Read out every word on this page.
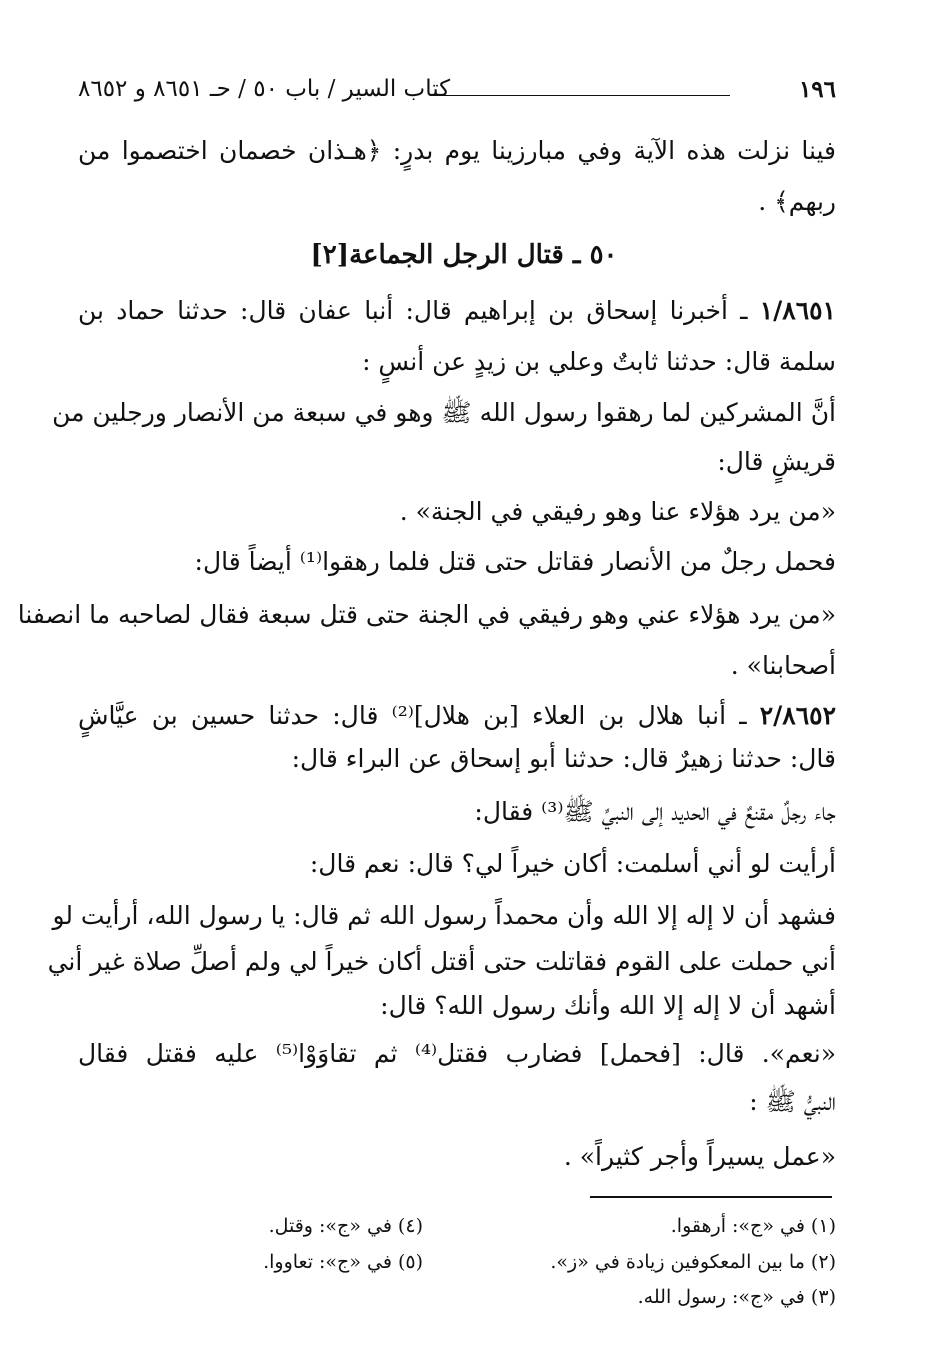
١٩٦
كتاب السير / باب ٥٠ / حـ ٨٦٥١ و ٨٦٥٢
فينا نزلت هذه الآية وفي مبارزينا يوم بدرٍ: ﴿هـذان خصمان اختصموا من
ربهم﴾ .
٥٠ ـ قتال الرجل الجماعة[٢]
١/٨٦٥١ ـ أخبرنا إسحاق بن إبراهيم قال: أنبا عفان قال: حدثنا حماد بن
سلمة قال: حدثنا ثابتٌ وعلي بن زيدٍ عن أنسٍ :
أنَّ المشركين لما رهقوا رسول الله ﷺ وهو في سبعة من الأنصار ورجلين من
قريشٍ قال:
«من يرد هؤلاء عنا وهو رفيقي في الجنة» .
فحمل رجلٌ من الأنصار فقاتل حتى قتل فلما رهقوا⁽¹⁾ أيضاً قال:
«من يرد هؤلاء عني وهو رفيقي في الجنة حتى قتل سبعة فقال لصاحبه ما انصفنا
أصحابنا» .
٢/٨٦٥٢ ـ أنبا هلال بن العلاء [بن هلال]⁽²⁾ قال: حدثنا حسين بن عيَّاشٍ
قال: حدثنا زهيرٌ قال: حدثنا أبو إسحاق عن البراء قال:
جاء رجلٌ مقنعٌ في الحديد إلى النبيِّ ﷺ⁽³⁾ فقال:
أرأيت لو أني أسلمت: أكان خيراً لي؟ قال: نعم قال:
فشهد أن لا إله إلا الله وأن محمداً رسول الله ثم قال: يا رسول الله، أرأيت لو
أني حملت على القوم فقاتلت حتى أقتل أكان خيراً لي ولم أصلِّ صلاة غير أني
أشهد أن لا إله إلا الله وأنك رسول الله؟ قال:
«نعم». قال: [فحمل] فضارب فقتل⁽⁴⁾ ثم تقاوَوْا⁽⁵⁾ عليه فقتل فقال
النبيُّ ﷺ :
«عمل يسيراً وأجر كثيراً» .
(١) في «ج»: أرهقوا.
(٢) ما بين المعكوفين زيادة في «ز».
(٣) في «ج»: رسول الله.
(٤) في «ج»: وقتل.
(٥) في «ج»: تعاووا.
